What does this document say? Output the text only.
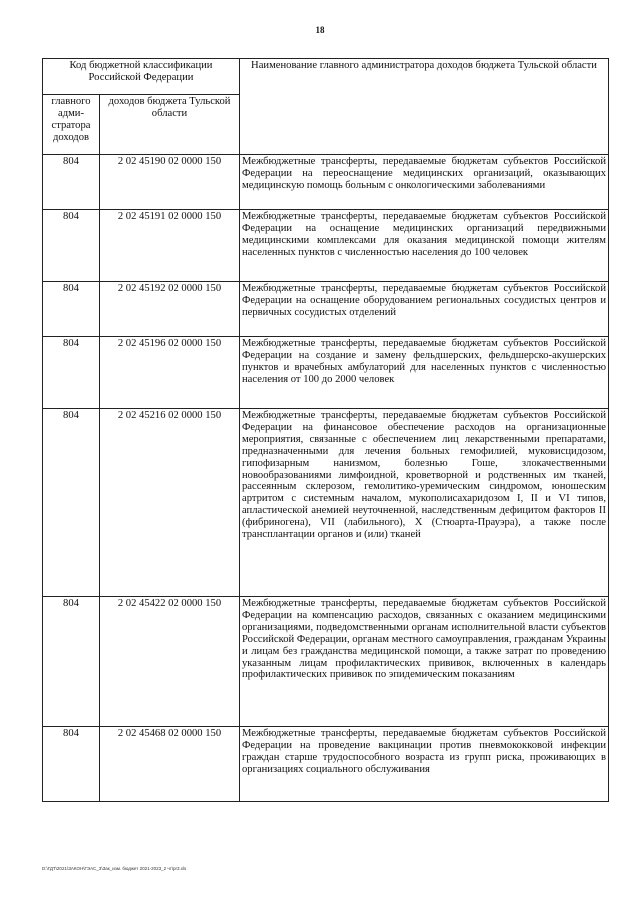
18
Код бюджетной классификации Российской Федерации		Наименование главного администратора доходов бюджета Тульской области
главного адми-
стратора доходов	доходов бюджета Тульской области	
804	2 02 45190 02 0000 150	Межбюджетные трансферты, передаваемые бюджетам субъектов Российской Федерации на переоснащение медицинских организаций, оказывающих медицинскую помощь больным с онкологическими заболеваниями
804	2 02 45191 02 0000 150	Межбюджетные трансферты, передаваемые бюджетам субъектов Российской Федерации на оснащение медицинских организаций передвижными медицинскими комплексами для оказания медицинской помощи жителям населенных пунктов с численностью населения до 100 человек
804	2 02 45192 02 0000 150	Межбюджетные трансферты, передаваемые бюджетам субъектов Российской Федерации на оснащение оборудованием региональных сосудистых центров и первичных сосудистых отделений
804	2 02 45196 02 0000 150	Межбюджетные трансферты, передаваемые бюджетам субъектов Российской Федерации на создание и замену фельдшерских, фельдшерско-акушерских пунктов и врачебных амбулаторий для населенных пунктов с численностью населения от 100 до 2000 человек
804	2 02 45216 02 0000 150	Межбюджетные трансферты, передаваемые бюджетам субъектов Российской Федерации на финансовое обеспечение расходов на организационные мероприятия, связанные с обеспечением лиц лекарственными препаратами, предназначенными для лечения больных гемофилией, муковисцидозом, гипофизарным нанизмом, болезнью Гоше, злокачественными новообразованиями лимфоидной, кроветворной и родственных им тканей, рассеянным склерозом, гемолитико-уремическим синдромом, юношеским артритом с системным началом, мукополисахаридозом I, II и VI типов, апластической анемией неуточненной, наследственным дефицитом факторов II (фибриногена), VII (лабильного), X (Стюарта-Прауэра), а также после трансплантации органов и (или) тканей
804	2 02 45422 02 0000 150	Межбюджетные трансферты, передаваемые бюджетам субъектов Российской Федерации на компенсацию расходов, связанных с оказанием медицинскими организациями, подведомственными органам исполнительной власти субъектов Российской Федерации, органам местного самоуправления, гражданам Украины и лицам без гражданства медицинской помощи, а также затрат по проведению указанным лицам профилактических прививок, включенных в календарь профилактических прививок по эпидемическим показаниям
804	2 02 45468 02 0000 150	Межбюджетные трансферты, передаваемые бюджетам субъектов Российской Федерации на проведение вакцинации против пневмококковой инфекции граждан старше трудоспособного возраста из групп риска, проживающих в организациях социального обслуживания
D:\ГДТ\2021\ЗАКОН\ГЭАС_3\Зак_изм. бюджет 2021-2023_2 чт\pr3.xls
